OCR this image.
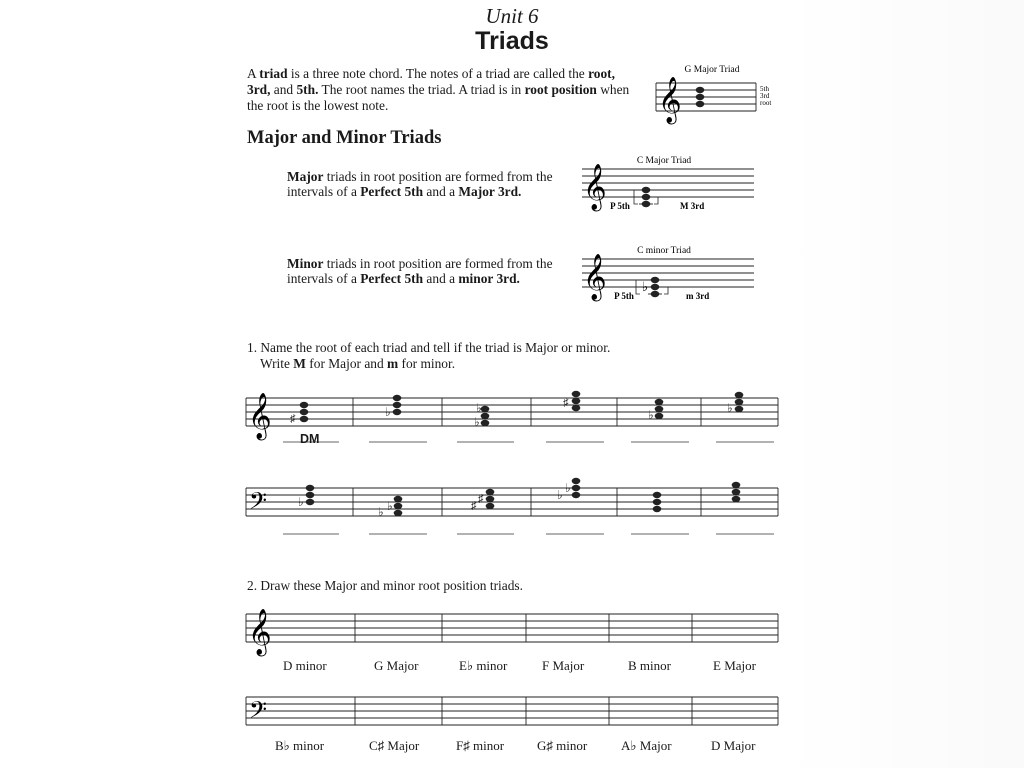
Unit 6
Triads
A triad is a three note chord. The notes of a triad are called the root, 3rd, and 5th. The root names the triad. A triad is in root position when the root is the lowest note.
G Major Triad
𝄞	5th
3rd
root
Major and Minor Triads
Major triads in root position are formed from the intervals of a Perfect 5th and a Major 3rd.
Minor triads in root position are formed from the intervals of a Perfect 5th and a minor 3rd.
C Major Triad
𝄞 P 5th	M 3rd
C minor Triad
𝄞	♭
P 5th	m 3rd
1. Name the root of each triad and tell if the triad is Major or minor.
Write M for Major and m for minor.
𝄞 ♯	♭
♭
♭	♯
♭	♭
DM
𝄢	♭
♭ ♭	♯
♯	♭ ♭
2. Draw these Major and minor root position triads.
𝄞
D minor	G Major	E♭ minor	F Major	B minor	E Major
𝄢
B♭ minor	C♯ Major	F♯ minor	G♯ minor	A♭ Major	D Major
